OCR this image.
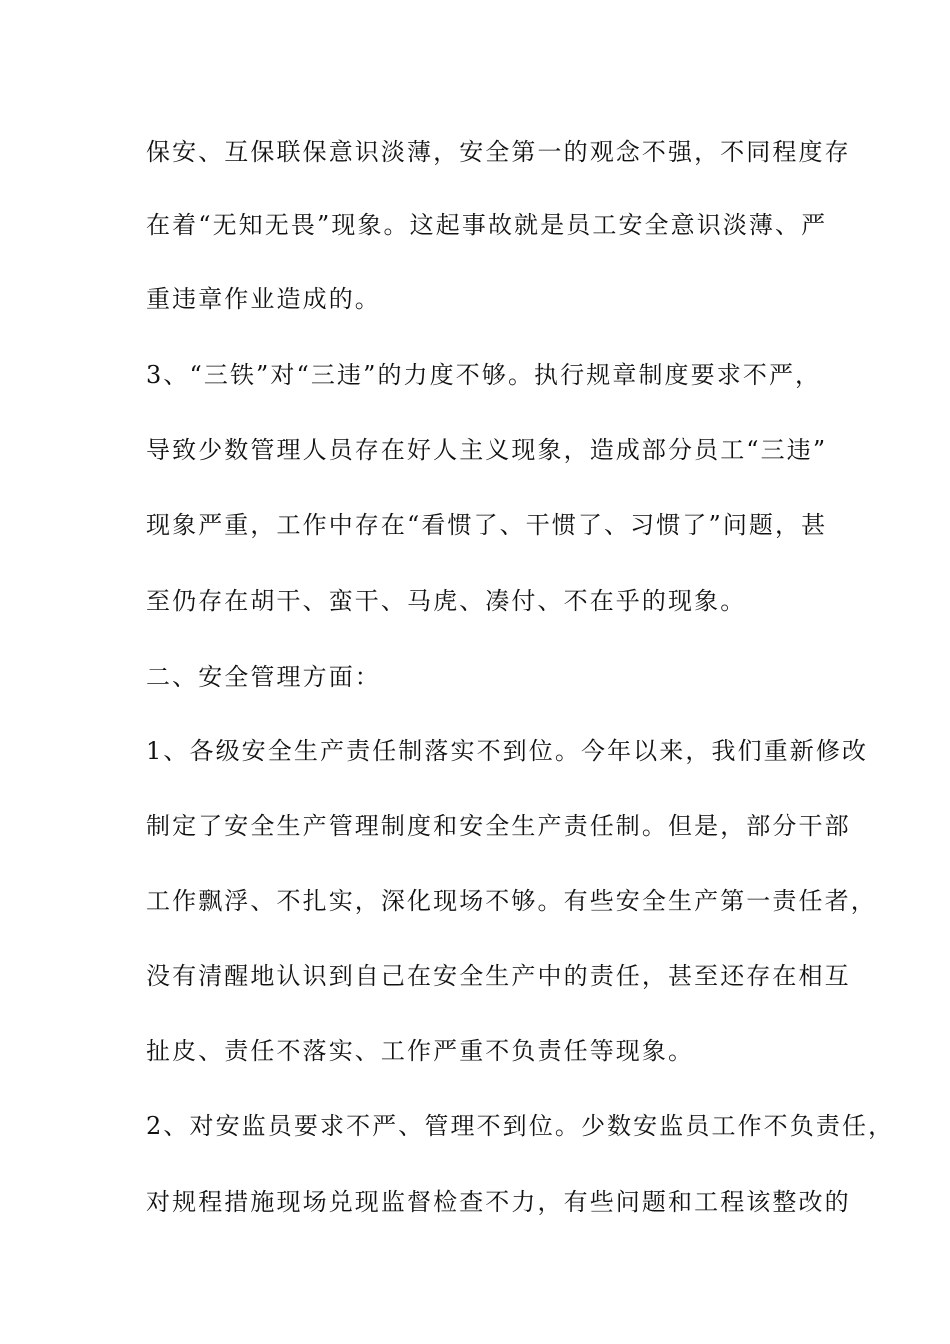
保安、互保联保意识淡薄，安全第一的观念不强，不同程度存
在着“无知无畏”现象。这起事故就是员工安全意识淡薄、严
重违章作业造成的。
3、“三铁”对“三违”的力度不够。执行规章制度要求不严，
导致少数管理人员存在好人主义现象，造成部分员工“三违”
现象严重，工作中存在“看惯了、干惯了、习惯了”问题，甚
至仍存在胡干、蛮干、马虎、凑付、不在乎的现象。
二、安全管理方面：
1、各级安全生产责任制落实不到位。今年以来，我们重新修改
制定了安全生产管理制度和安全生产责任制。但是，部分干部
工作飘浮、不扎实，深化现场不够。有些安全生产第一责任者，
没有清醒地认识到自己在安全生产中的责任，甚至还存在相互
扯皮、责任不落实、工作严重不负责任等现象。
2、对安监员要求不严、管理不到位。少数安监员工作不负责任，
对规程措施现场兑现监督检查不力，有些问题和工程该整改的
